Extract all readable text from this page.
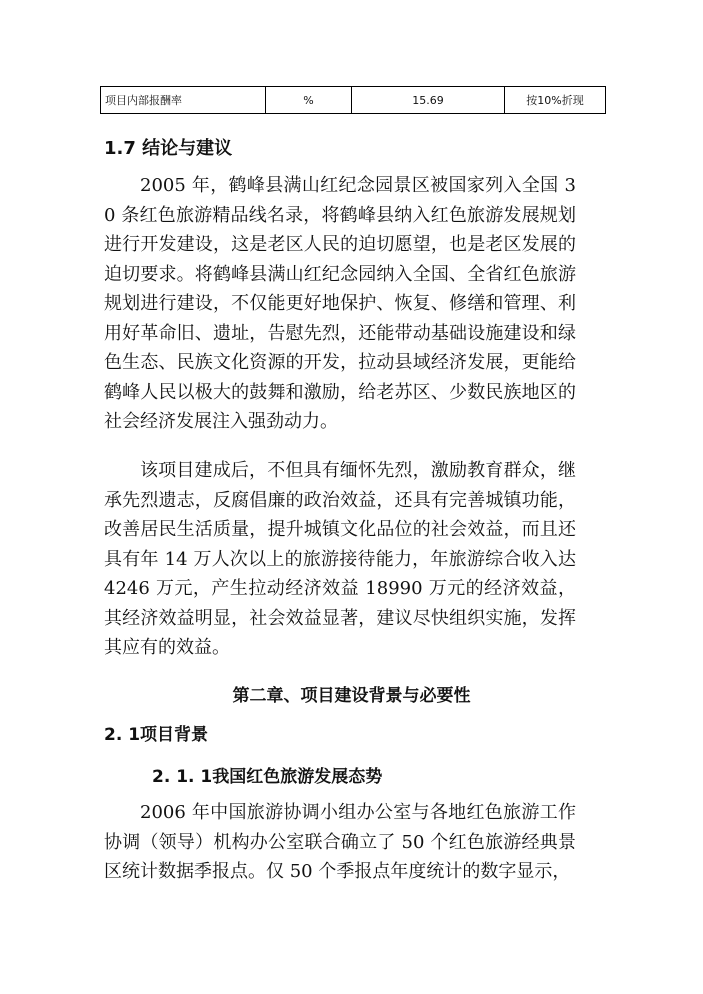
项目内部报酬率	%	15.69	按10%折现
1.7 结论与建议

2005 年，鹤峰县满山红纪念园景区被国家列入全国 30 条红色旅游精品线名录，将鹤峰县纳入红色旅游发展规划进行开发建设，这是老区人民的迫切愿望，也是老区发展的迫切要求。将鹤峰县满山红纪念园纳入全国、全省红色旅游规划进行建设，不仅能更好地保护、恢复、修缮和管理、利用好革命旧、遗址，告慰先烈，还能带动基础设施建设和绿色生态、民族文化资源的开发，拉动县域经济发展，更能给鹤峰人民以极大的鼓舞和激励，给老苏区、少数民族地区的社会经济发展注入强劲动力。

该项目建成后，不但具有缅怀先烈，激励教育群众，继承先烈遗志，反腐倡廉的政治效益，还具有完善城镇功能，改善居民生活质量，提升城镇文化品位的社会效益，而且还具有年 14 万人次以上的旅游接待能力，年旅游综合收入达 4246 万元，产生拉动经济效益 18990 万元的经济效益，其经济效益明显，社会效益显著，建议尽快组织实施，发挥其应有的效益。

第二章、项目建设背景与必要性
2. 1项目背景
2. 1. 1我国红色旅游发展态势

2006 年中国旅游协调小组办公室与各地红色旅游工作协调（领导）机构办公室联合确立了 50 个红色旅游经典景区统计数据季报点。仅 50 个季报点年度统计的数字显示，
